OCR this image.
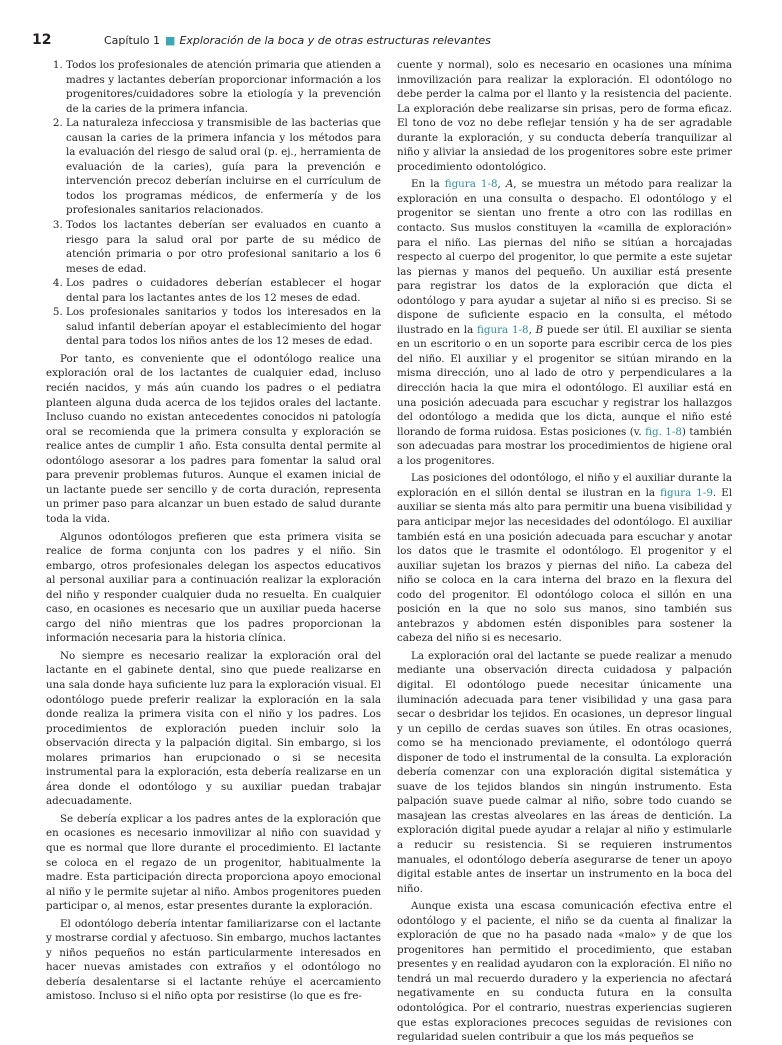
12	Capítulo 1 ■ Exploración de la boca y de otras estructuras relevantes
1. Todos los profesionales de atención primaria que atienden a madres y lactantes deberían proporcionar información a los progenitores/cuidadores sobre la etiología y la prevención de la caries de la primera infancia.
2. La naturaleza infecciosa y transmisible de las bacterias que causan la caries de la primera infancia y los métodos para la evaluación del riesgo de salud oral (p. ej., herramienta de evaluación de la caries), guía para la prevención e intervención precoz deberían incluirse en el currículum de todos los programas médicos, de enfermería y de los profesionales sanitarios relacionados.
3. Todos los lactantes deberían ser evaluados en cuanto a riesgo para la salud oral por parte de su médico de atención primaria o por otro profesional sanitario a los 6 meses de edad.
4. Los padres o cuidadores deberían establecer el hogar dental para los lactantes antes de los 12 meses de edad.
5. Los profesionales sanitarios y todos los interesados en la salud infantil deberían apoyar el establecimiento del hogar dental para todos los niños antes de los 12 meses de edad.

Por tanto, es conveniente que el odontólogo realice una exploración oral de los lactantes de cualquier edad, incluso recién nacidos, y más aún cuando los padres o el pediatra planteen alguna duda acerca de los tejidos orales del lactante. Incluso cuando no existan antecedentes conocidos ni patología oral se recomienda que la primera consulta y exploración se realice antes de cumplir 1 año. Esta consulta dental permite al odontólogo asesorar a los padres para fomentar la salud oral para prevenir problemas futuros. Aunque el examen inicial de un lactante puede ser sencillo y de corta duración, representa un primer paso para alcanzar un buen estado de salud durante toda la vida.

Algunos odontólogos prefieren que esta primera visita se realice de forma conjunta con los padres y el niño. Sin embargo, otros profesionales delegan los aspectos educativos al personal auxiliar para a continuación realizar la exploración del niño y responder cualquier duda no resuelta. En cualquier caso, en ocasiones es necesario que un auxiliar pueda hacerse cargo del niño mientras que los padres proporcionan la información necesaria para la historia clínica.

No siempre es necesario realizar la exploración oral del lactante en el gabinete dental, sino que puede realizarse en una sala donde haya suficiente luz para la exploración visual. El odontólogo puede preferir realizar la exploración en la sala donde realiza la primera visita con el niño y los padres. Los procedimientos de exploración pueden incluir solo la observación directa y la palpación digital. Sin embargo, si los molares primarios han erupcionado o si se necesita instrumental para la exploración, esta debería realizarse en un área donde el odontólogo y su auxiliar puedan trabajar adecuadamente.

Se debería explicar a los padres antes de la exploración que en ocasiones es necesario inmovilizar al niño con suavidad y que es normal que llore durante el procedimiento. El lactante se coloca en el regazo de un progenitor, habitualmente la madre. Esta participación directa proporciona apoyo emocional al niño y le permite sujetar al niño. Ambos progenitores pueden participar o, al menos, estar presentes durante la exploración.

El odontólogo debería intentar familiarizarse con el lactante y mostrarse cordial y afectuoso. Sin embargo, muchos lactantes y niños pequeños no están particularmente interesados en hacer nuevas amistades con extraños y el odontólogo no debería desalentarse si el lactante rehúye el acercamiento amistoso. Incluso si el niño opta por resistirse (lo que es fre-

cuente y normal), solo es necesario en ocasiones una mínima inmovilización para realizar la exploración. El odontólogo no debe perder la calma por el llanto y la resistencia del paciente. La exploración debe realizarse sin prisas, pero de forma eficaz. El tono de voz no debe reflejar tensión y ha de ser agradable durante la exploración, y su conducta debería tranquilizar al niño y aliviar la ansiedad de los progenitores sobre este primer procedimiento odontológico.

En la figura 1-8, A, se muestra un método para realizar la exploración en una consulta o despacho. El odontólogo y el progenitor se sientan uno frente a otro con las rodillas en contacto. Sus muslos constituyen la «camilla de exploración» para el niño. Las piernas del niño se sitúan a horcajadas respecto al cuerpo del progenitor, lo que permite a este sujetar las piernas y manos del pequeño. Un auxiliar está presente para registrar los datos de la exploración que dicta el odontólogo y para ayudar a sujetar al niño si es preciso. Si se dispone de suficiente espacio en la consulta, el método ilustrado en la figura 1-8, B puede ser útil. El auxiliar se sienta en un escritorio o en un soporte para escribir cerca de los pies del niño. El auxiliar y el progenitor se sitúan mirando en la misma dirección, uno al lado de otro y perpendiculares a la dirección hacia la que mira el odontólogo. El auxiliar está en una posición adecuada para escuchar y registrar los hallazgos del odontólogo a medida que los dicta, aunque el niño esté llorando de forma ruidosa. Estas posiciones (v. fig. 1-8) también son adecuadas para mostrar los procedimientos de higiene oral a los progenitores.

Las posiciones del odontólogo, el niño y el auxiliar durante la exploración en el sillón dental se ilustran en la figura 1-9. El auxiliar se sienta más alto para permitir una buena visibilidad y para anticipar mejor las necesidades del odontólogo. El auxiliar también está en una posición adecuada para escuchar y anotar los datos que le trasmite el odontólogo. El progenitor y el auxiliar sujetan los brazos y piernas del niño. La cabeza del niño se coloca en la cara interna del brazo en la flexura del codo del progenitor. El odontólogo coloca el sillón en una posición en la que no solo sus manos, sino también sus antebrazos y abdomen estén disponibles para sostener la cabeza del niño si es necesario.

La exploración oral del lactante se puede realizar a menudo mediante una observación directa cuidadosa y palpación digital. El odontólogo puede necesitar únicamente una iluminación adecuada para tener visibilidad y una gasa para secar o desbridar los tejidos. En ocasiones, un depresor lingual y un cepillo de cerdas suaves son útiles. En otras ocasiones, como se ha mencionado previamente, el odontólogo querrá disponer de todo el instrumental de la consulta. La exploración debería comenzar con una exploración digital sistemática y suave de los tejidos blandos sin ningún instrumento. Esta palpación suave puede calmar al niño, sobre todo cuando se masajean las crestas alveolares en las áreas de dentición. La exploración digital puede ayudar a relajar al niño y estimularle a reducir su resistencia. Si se requieren instrumentos manuales, el odontólogo debería asegurarse de tener un apoyo digital estable antes de insertar un instrumento en la boca del niño.

Aunque exista una escasa comunicación efectiva entre el odontólogo y el paciente, el niño se da cuenta al finalizar la exploración de que no ha pasado nada «malo» y de que los progenitores han permitido el procedimiento, que estaban presentes y en realidad ayudaron con la exploración. El niño no tendrá un mal recuerdo duradero y la experiencia no afectará negativamente en su conducta futura en la consulta odontológica. Por el contrario, nuestras experiencias sugieren que estas exploraciones precoces seguidas de revisiones con regularidad suelen contribuir a que los más pequeños se
